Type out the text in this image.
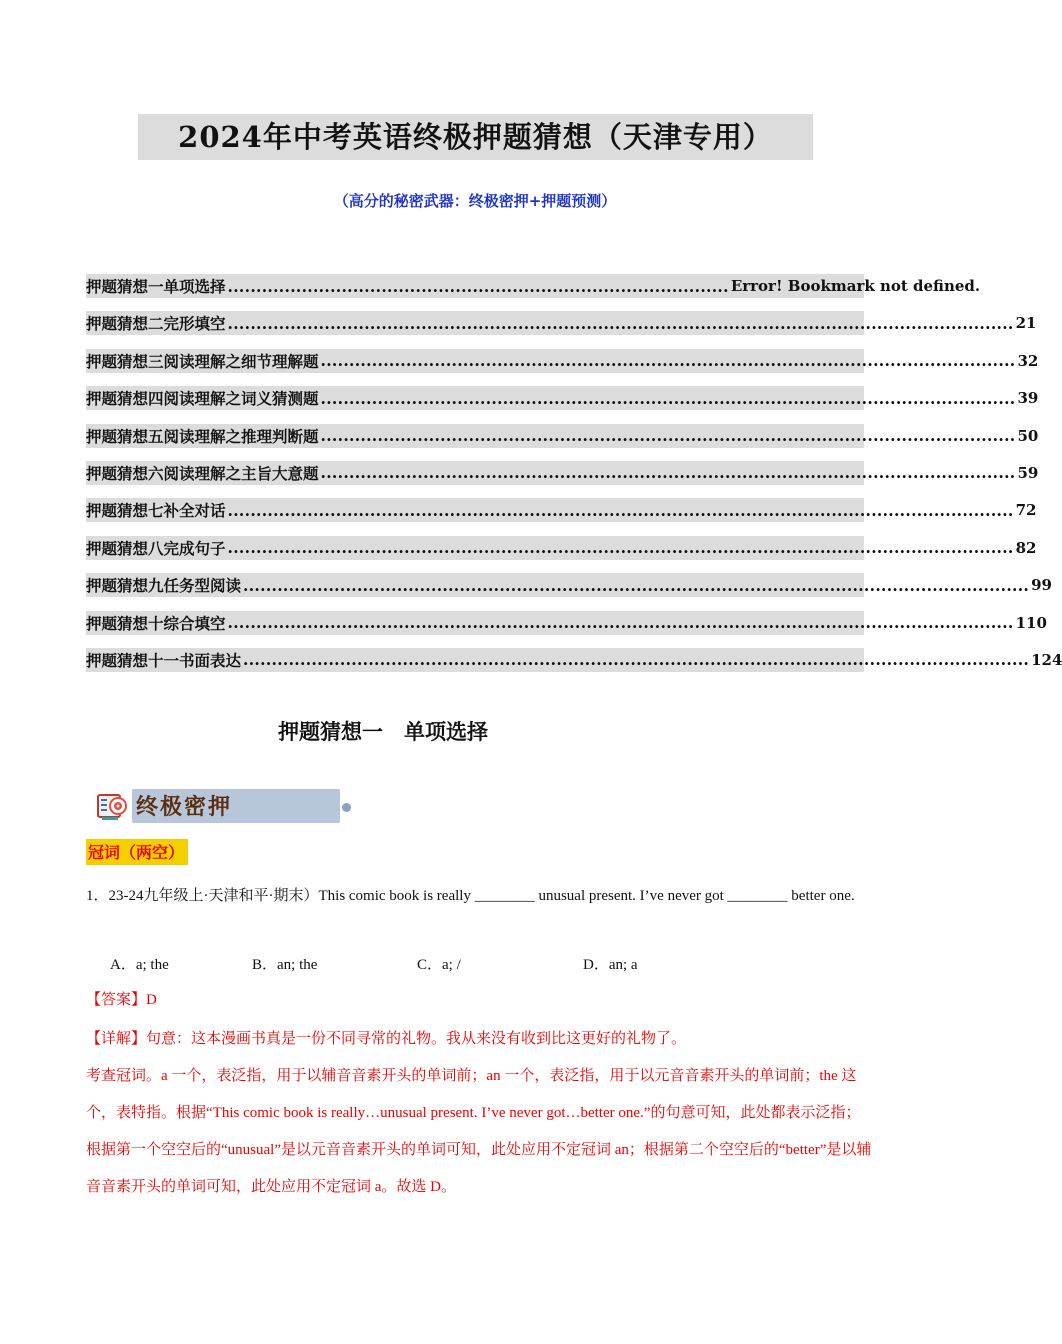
2024年中考英语终极押题猜想（天津专用）
（高分的秘密武器：终极密押+押题预测）
押题猜想一 单项选择 ........................................................................................ Error! Bookmark not defined.
押题猜想二 完形填空 .......................................................................................................................................... 21
押题猜想三 阅读理解之细节理解题 .......................................................................................................................... 32
押题猜想四 阅读理解之词义猜测题 .......................................................................................................................... 39
押题猜想五 阅读理解之推理判断题 .......................................................................................................................... 50
押题猜想六 阅读理解之主旨大意题 .......................................................................................................................... 59
押题猜想七 补全对话 .......................................................................................................................................... 72
押题猜想八 完成句子 .......................................................................................................................................... 82
押题猜想九 任务型阅读 .......................................................................................................................................... 99
押题猜想十 综合填空 .......................................................................................................................................... 110
押题猜想十一 书面表达 .......................................................................................................................................... 124
押题猜想一　单项选择
终极密押
冠词（两空）
1．23-24九年级上·天津和平·期末）This comic book is really ________ unusual present. I’ve never got ________ better one.
A．a; the	B．an; the	C．a; /	D．an; a
【答案】D
【详解】句意：这本漫画书真是一份不同寻常的礼物。我从来没有收到比这更好的礼物了。
考查冠词。a 一个，表泛指，用于以辅音音素开头的单词前；an 一个，表泛指，用于以元音音素开头的单词前；the 这个，表特指。根据“This comic book is really…unusual present. I’ve never got…better one.”的句意可知，此处都表示泛指；根据第一个空空后的“unusual”是以元音音素开头的单词可知，此处应用不定冠词 an；根据第二个空空后的“better”是以辅音音素开头的单词可知，此处应用不定冠词 a。故选 D。
